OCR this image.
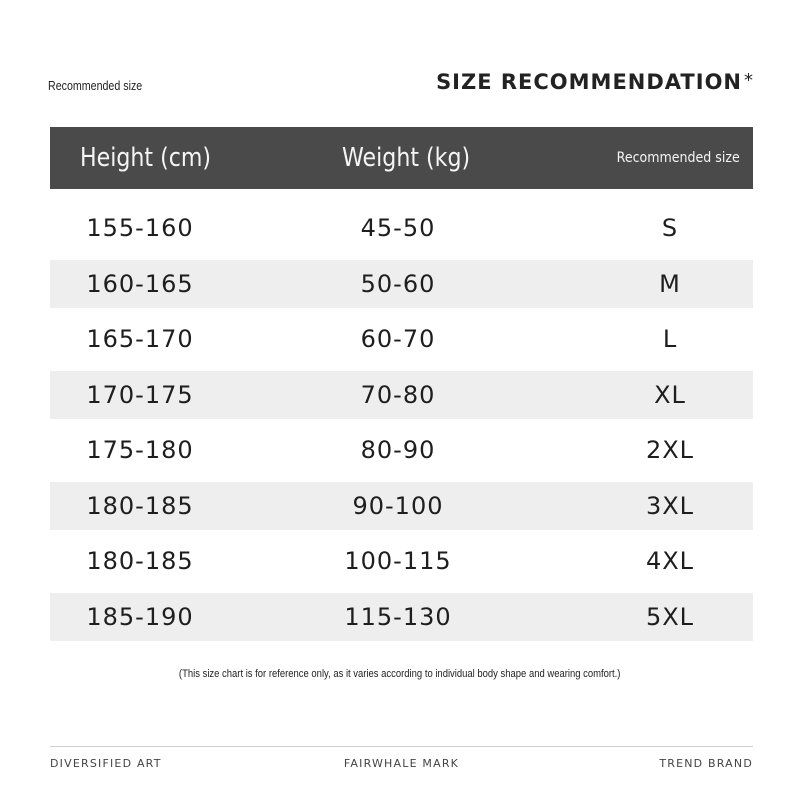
Recommended size	SIZE RECOMMENDATION *
Height (cm)	Weight (kg)	Recommended size
155-160	45-50	S
160-165	50-60	M
165-170	60-70	L
170-175	70-80	XL
175-180	80-90	2XL
180-185	90-100	3XL
180-185	100-115	4XL
185-190	115-130	5XL
(This size chart is for reference only, as it varies according to individual body shape and wearing comfort.)
DIVERSIFIED ART	FAIRWHALE MARK	TREND BRAND
